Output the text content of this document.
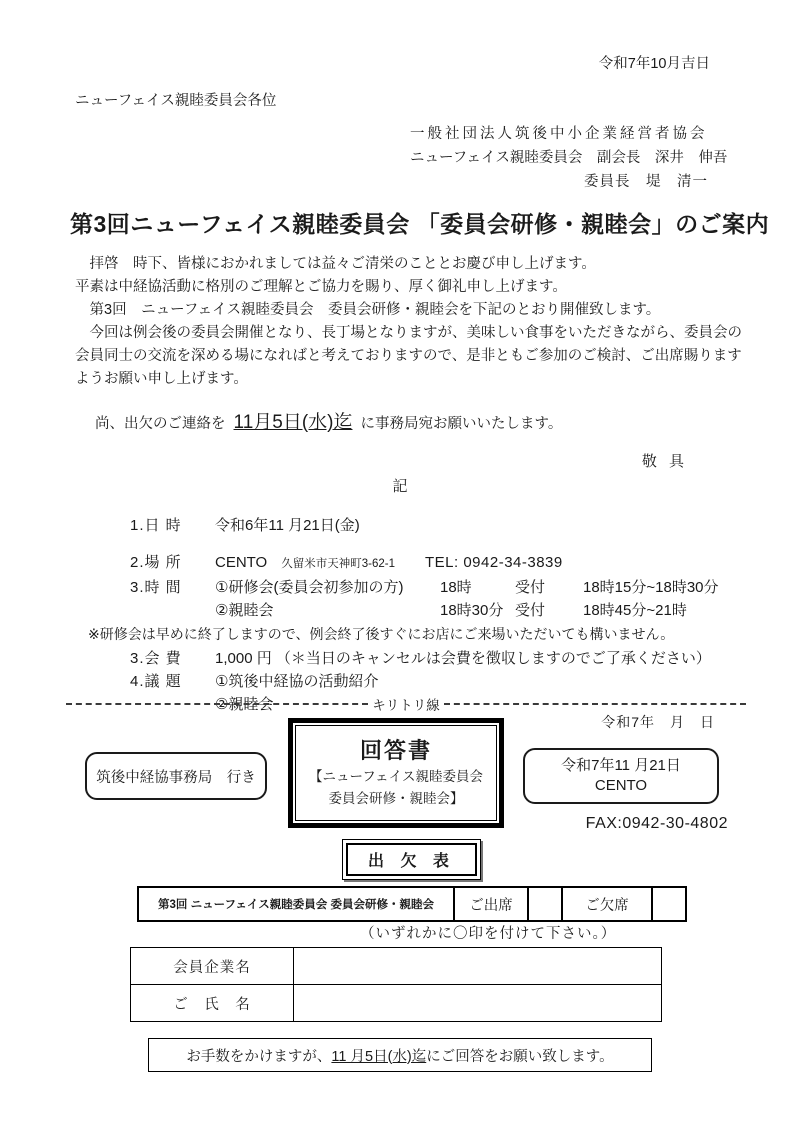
令和7年10月吉日
ニューフェイス親睦委員会各位
一般社団法人筑後中小企業経営者協会
ニューフェイス親睦委員会　副会長　深井　伸吾
委員長　堤　清一
第3回ニューフェイス親睦委員会 「委員会研修・親睦会」のご案内

拝啓　時下、皆様におかれましては益々ご清栄のこととお慶び申し上げます。

平素は中経協活動に格別のご理解とご協力を賜り、厚く御礼申し上げます。

第3回　ニューフェイス親睦委員会　委員会研修・親睦会を下記のとおり開催致します。

今回は例会後の委員会開催となり、長丁場となりますが、美味しい食事をいただきながら、委員会の会員同士の交流を深める場になればと考えておりますので、是非ともご参加のご検討、ご出席賜りますようお願い申し上げます。

尚、出欠のご連絡を 11月5日(水)迄 に事務局宛お願いいたします。
敬 具
記
1.日 時	令和6年11 月21日(金)
2.場 所	CENTO 久留米市天神町3-62-1 TEL: 0942-34-3839
3.時 間	①研修会(委員会初参加の方)	18時	受付	18時15分~18時30分
②親睦会	18時30分 受付	18時45分~21時
※研修会は早めに終了しますので、例会終了後すぐにお店にご来場いただいても構いません。
3.会 費	1,000 円 （＊当日のキャンセルは会費を徴収しますのでご了承ください）
4.議 題	①筑後中経協の活動紹介
②親睦会	キリトリ線
令和7年　月　日
筑後中経協事務局　行き
回答書
【ニューフェイス親睦委員会
委員会研修・親睦会】
令和7年11 月21日
CENTO
FAX:0942-30-4802
出 欠 表
第3回 ニューフェイス親睦委員会 委員会研修・親睦会	ご出席		ご欠席	
（いずれかに〇印を付けて下さい。）
会員企業名	
ご　氏　名	
お手数をかけますが、 11 月5日(水)迄 にご回答をお願い致します。
